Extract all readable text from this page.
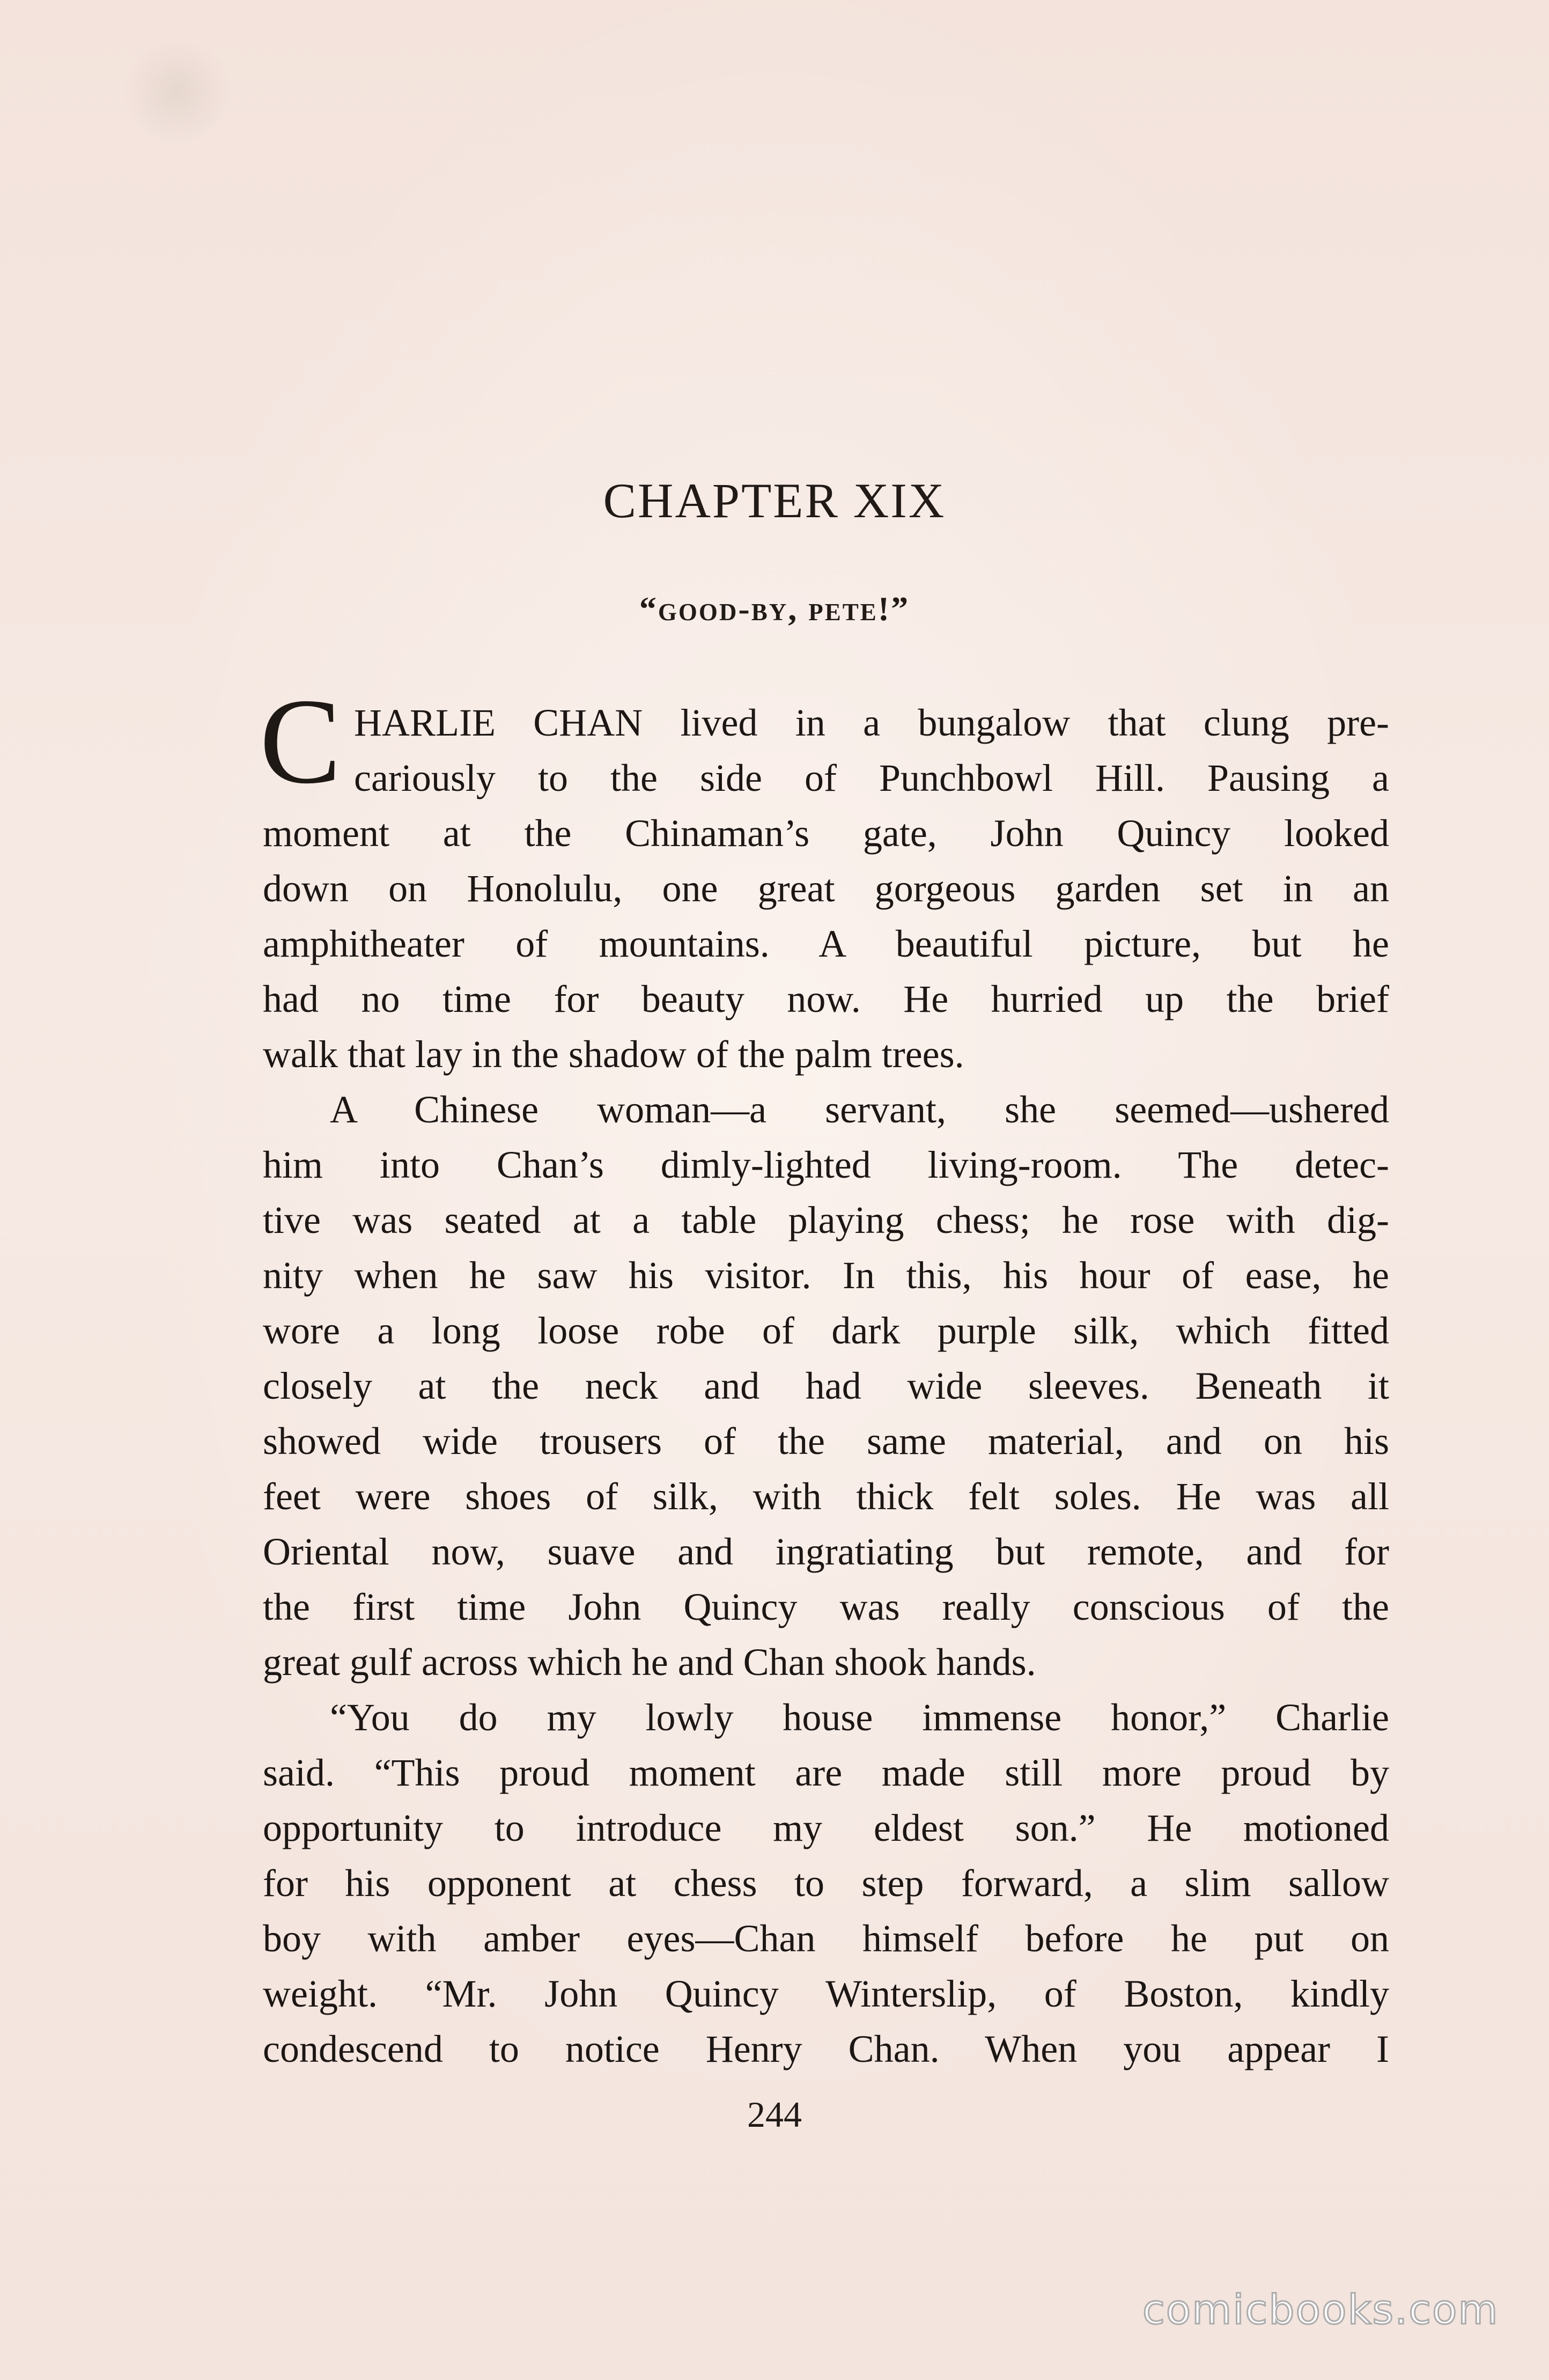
CHAPTER XIX
“good-by, pete!”
C HARLIE CHAN lived in a bungalow that clung pre-
cariously to the side of Punchbowl Hill. Pausing a
moment at the Chinaman’s gate, John Quincy looked
down on Honolulu, one great gorgeous garden set in an
amphitheater of mountains. A beautiful picture, but he
had no time for beauty now. He hurried up the brief
walk that lay in the shadow of the palm trees.
A Chinese woman—a servant, she seemed—ushered
him into Chan’s dimly-lighted living-room. The detec-
tive was seated at a table playing chess; he rose with dig-
nity when he saw his visitor. In this, his hour of ease, he
wore a long loose robe of dark purple silk, which fitted
closely at the neck and had wide sleeves. Beneath it
showed wide trousers of the same material, and on his
feet were shoes of silk, with thick felt soles. He was all
Oriental now, suave and ingratiating but remote, and for
the first time John Quincy was really conscious of the
great gulf across which he and Chan shook hands.
“You do my lowly house immense honor,” Charlie
said. “This proud moment are made still more proud by
opportunity to introduce my eldest son.” He motioned
for his opponent at chess to step forward, a slim sallow
boy with amber eyes—Chan himself before he put on
weight. “Mr. John Quincy Winterslip, of Boston, kindly
condescend to notice Henry Chan. When you appear I
244
comicbooks.com
